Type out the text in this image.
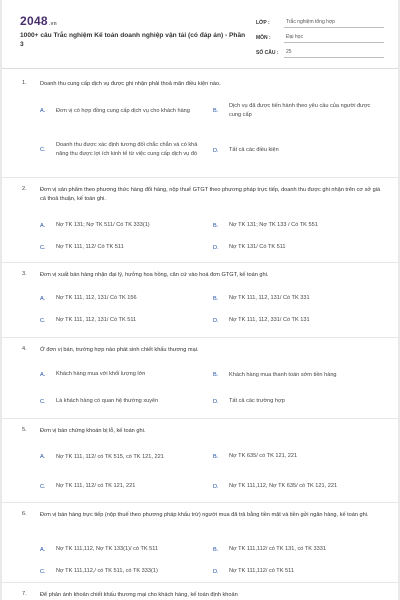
2048.vn
1000+ câu Trắc nghiệm Kế toán doanh nghiệp vận tải (có đáp án) - Phần 3
LỚP :	Trắc nghiệm tổng hợp
MÔN :	Đại học
SỐ CÂU :	25
1. Doanh thu cung cấp dịch vụ được ghi nhận phải thoả mãn điều kiện nào.
A.	Đơn vị có hợp đồng cung cấp dịch vụ cho khách hàng	B.
Dịch vụ đã được tiến hành theo yêu cầu của người được cung cấp
C.
Doanh thu được xác định tương đối chắc chắn và có khả năng thu được lợi ích kinh tế từ việc cung cấp dịch vụ đó
D.	Tất cả các điều kiện
2. Đơn vị sản phẩm theo phương thức hàng đổi hàng, nộp thuế GTGT theo phương pháp trực tiếp, doanh thu được ghi nhận trên cơ sở giá cả thoả thuận, kế toán ghi.
A.	Nợ TK 131; Nợ TK 511/ Có TK 333(1)	B.	Nợ TK 131; Nợ TK 133 / Có TK 551
C.	Nợ TK 111, 112/ Có TK 511	D.	Nợ TK 131/ Có TK 511
3. Đơn vị xuất bán hàng nhận đại lý, hưởng hoa hồng, căn cứ vào hoá đơn GTGT, kế toán ghi.
A.	Nợ TK 111, 112, 131/ Có TK 156	B.	Nợ TK 111, 112, 131/ Có TK 331
C.	Nợ TK 111, 112, 131/ Có TK 511	D.	Nợ TK 111, 112, 331/ Có TK 131
4. Ở đơn vị bán, trường hợp nào phát sinh chiết khấu thương mại.
A.	Khách hàng mua với khối lượng lớn	B.	Khách hàng mua thanh toán sớm tiền hàng
C.	Là khách hàng có quan hệ thường xuyên	D.	Tất cả các trường hợp
5. Đơn vị bán chứng khoán bị lỗ, kế toán ghi.
A.	Nợ TK 111, 112/ có TK 515, có TK 121, 221	B.	Nợ TK 635/ có TK 121, 221
C.	Nợ TK 111, 112/ có TK 121, 221	D.	Nợ TK 111,112, Nợ TK 635/ có TK 121, 221
6. Đơn vị bán hàng trực tiếp (nộp thuế theo phương pháp khấu trừ) người mua đã trả bằng tiền mặt và tiền gửi ngân hàng, kế toán ghi.
A.	Nợ TK 111,112, Nợ TK 133(1)/ có TK 511	B.	Nợ TK 111,112/ có TK 131, có TK 3331
C.	Nợ TK 111,112,/ có TK 511, có TK 333(1)	D.	Nợ TK 111,112/ có TK 511
7. Để phản ánh khoản chiết khấu thương mại cho khách hàng, kế toán định khoản
